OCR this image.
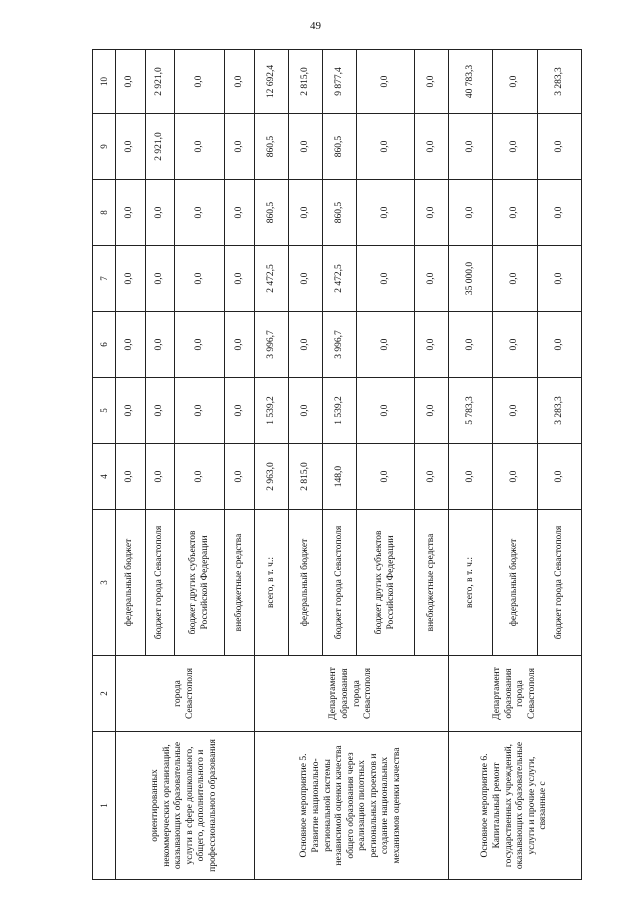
49
1	2	3	4	5	6	7	8	9	10
ориентированных некоммерческих организаций, оказывающих образовательные услуги в сфере дошкольного, общего, дополнительного и профессионального образования	города Севастополя	федеральный бюджет	0,0	0,0	0,0	0,0	0,0	0,0	0,0
		бюджет города Севастополя	0,0	0,0	0,0	0,0	0,0	2 921,0	2 921,0
		бюджет других субъектов Российской Федерации	0,0	0,0	0,0	0,0	0,0	0,0	0,0
		внебюджетные средства	0,0	0,0	0,0	0,0	0,0	0,0	0,0
Основное мероприятие 5. Развитие национально-региональной системы независимой оценки качества общего образования через реализацию пилотных региональных проектов и создание национальных механизмов оценки качества	Департамент образования города Севастополя	всего, в т. ч.:	2 963,0	1 539,2	3 996,7	2 472,5	860,5	860,5	12 692,4
		федеральный бюджет	2 815,0	0,0	0,0	0,0	0,0	0,0	2 815,0
		бюджет города Севастополя	148,0	1 539,2	3 996,7	2 472,5	860,5	860,5	9 877,4
		бюджет других субъектов Российской Федерации	0,0	0,0	0,0	0,0	0,0	0,0	0,0
		внебюджетные средства	0,0	0,0	0,0	0,0	0,0	0,0	0,0
Основное мероприятие 6. Капитальный ремонт государственных учреждений, оказывающих образовательные услуги и прочие услуги, связанные с	Департамент образования города Севастополя	всего, в т. ч.:	0,0	5 783,3	0,0	35 000,0	0,0	0,0	40 783,3
		федеральный бюджет	0,0	0,0	0,0	0,0	0,0	0,0	0,0
		бюджет города Севастополя	0,0	3 283,3	0,0	0,0	0,0	0,0	3 283,3
